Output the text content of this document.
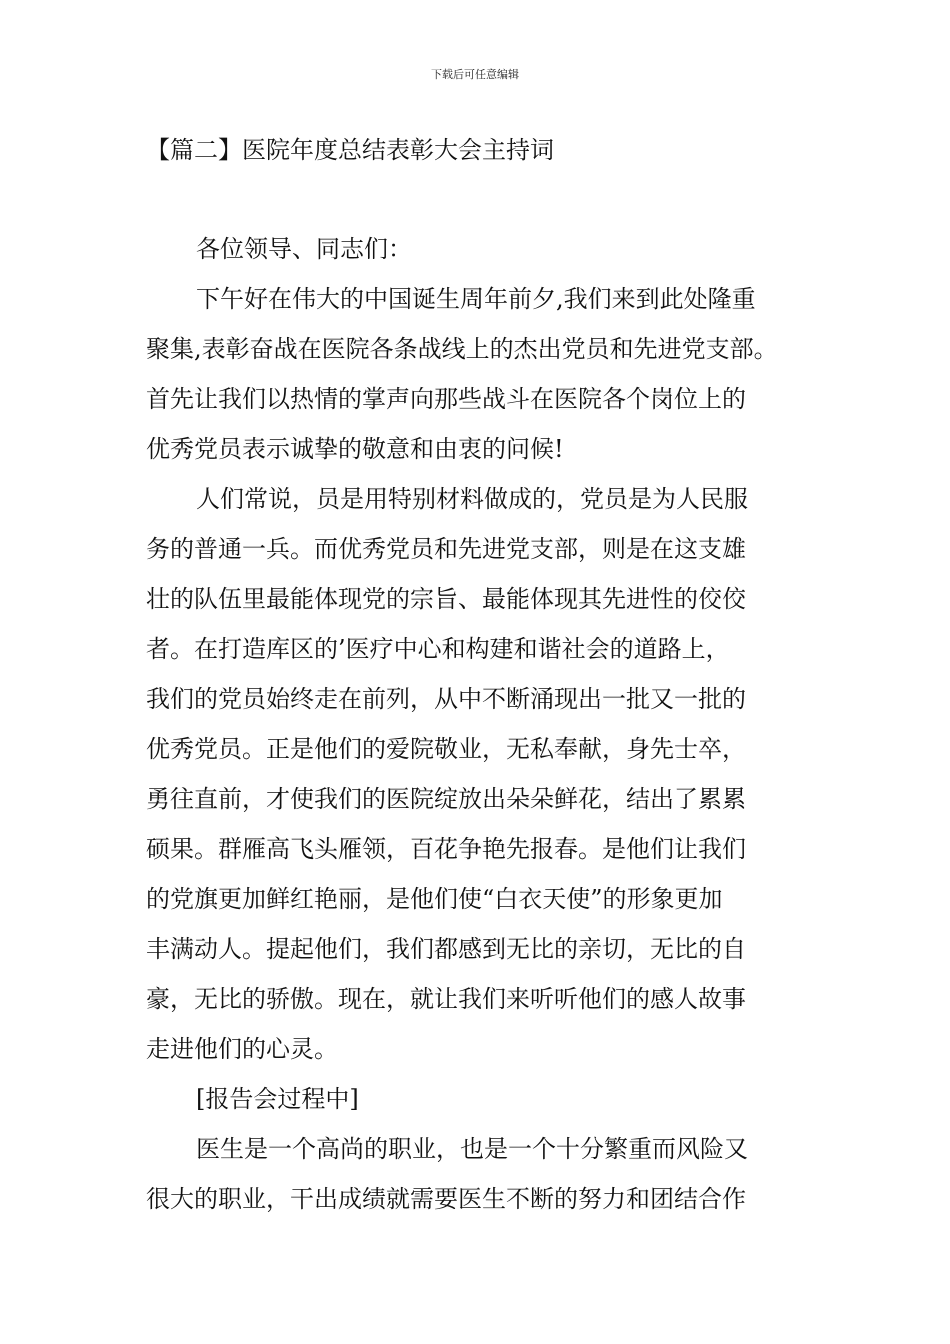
下载后可任意编辑
【篇二】医院年度总结表彰大会主持词
各位领导、同志们：
下午好在伟大的中国诞生周年前夕,我们来到此处隆重
聚集,表彰奋战在医院各条战线上的杰出党员和先进党支部。
首先让我们以热情的掌声向那些战斗在医院各个岗位上的
优秀党员表示诚挚的敬意和由衷的问候!
人们常说，员是用特别材料做成的，党员是为人民服
务的普通一兵。而优秀党员和先进党支部，则是在这支雄
壮的队伍里最能体现党的宗旨、最能体现其先进性的佼佼
者。在打造库区的’医疗中心和构建和谐社会的道路上，
我们的党员始终走在前列，从中不断涌现出一批又一批的
优秀党员。正是他们的爱院敬业，无私奉献，身先士卒，
勇往直前，才使我们的医院绽放出朵朵鲜花，结出了累累
硕果。群雁高飞头雁领，百花争艳先报春。是他们让我们
的党旗更加鲜红艳丽，是他们使“白衣天使”的形象更加
丰满动人。提起他们，我们都感到无比的亲切，无比的自
豪，无比的骄傲。现在，就让我们来听听他们的感人故事
走进他们的心灵。
[报告会过程中]
医生是一个高尚的职业，也是一个十分繁重而风险又
很大的职业，干出成绩就需要医生不断的努力和团结合作
